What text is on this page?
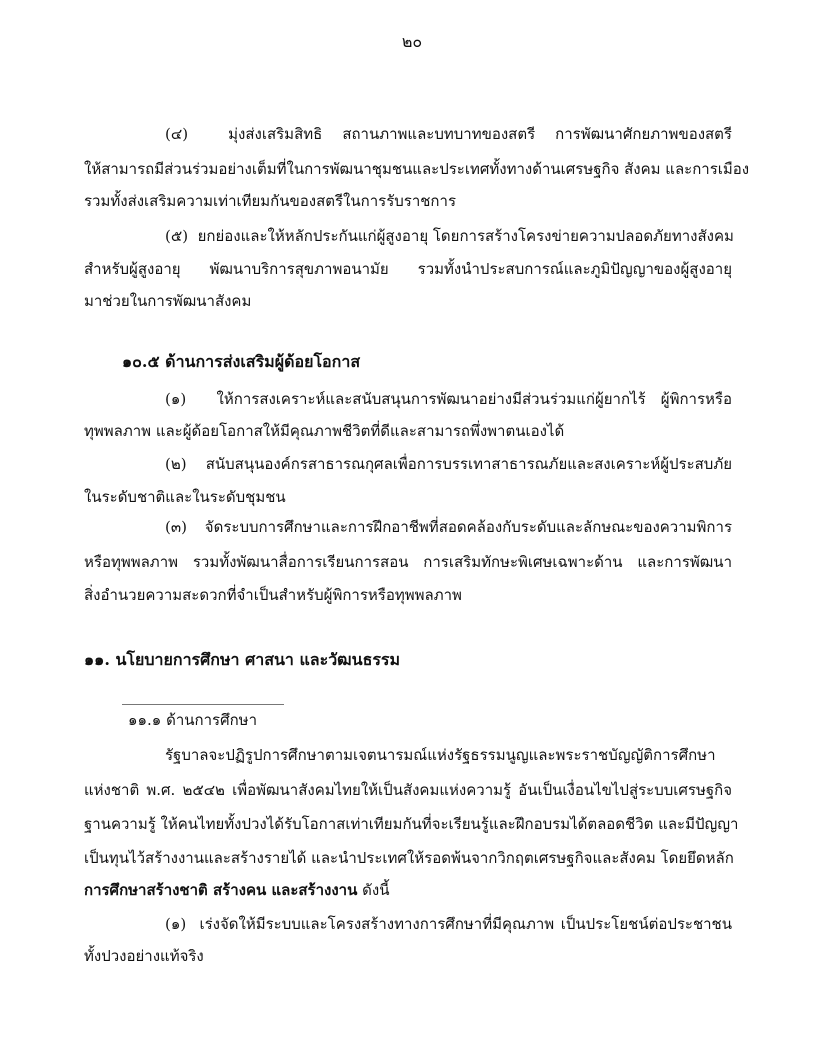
๒๐
(๔)	มุ่งส่งเสริมสิทธิ สถานภาพและบทบาทของสตรี การพัฒนาศักยภาพของสตรี
ให้สามารถมีส่วนร่วมอย่างเต็มที่ในการพัฒนาชุมชนและประเทศทั้งทางด้านเศรษฐกิจ สังคม และการเมือง
รวมทั้งส่งเสริมความเท่าเทียมกันของสตรีในการรับราชการ
(๕) ยกย่องและให้หลักประกันแก่ผู้สูงอายุ โดยการสร้างโครงข่ายความปลอดภัยทางสังคม
สำหรับผู้สูงอายุ พัฒนาบริการสุขภาพอนามัย รวมทั้งนำประสบการณ์และภูมิปัญญาของผู้สูงอายุ
มาช่วยในการพัฒนาสังคม
๑๐.๕ ด้านการส่งเสริมผู้ด้อยโอกาส
(๑) ให้การสงเคราะห์และสนับสนุนการพัฒนาอย่างมีส่วนร่วมแก่ผู้ยากไร้ ผู้พิการหรือ
ทุพพลภาพ และผู้ด้อยโอกาสให้มีคุณภาพชีวิตที่ดีและสามารถพึ่งพาตนเองได้
(๒) สนับสนุนองค์กรสาธารณกุศลเพื่อการบรรเทาสาธารณภัยและสงเคราะห์ผู้ประสบภัย
ในระดับชาติและในระดับชุมชน
(๓) จัดระบบการศึกษาและการฝึกอาชีพที่สอดคล้องกับระดับและลักษณะของความพิการ
หรือทุพพลภาพ รวมทั้งพัฒนาสื่อการเรียนการสอน การเสริมทักษะพิเศษเฉพาะด้าน และการพัฒนา
สิ่งอำนวยความสะดวกที่จำเป็นสำหรับผู้พิการหรือทุพพลภาพ
๑๑. นโยบายการศึกษา ศาสนา และวัฒนธรรม
๑๑.๑ ด้านการศึกษา
รัฐบาลจะปฏิรูปการศึกษาตามเจตนารมณ์แห่งรัฐธรรมนูญและพระราชบัญญัติการศึกษา
แห่งชาติ พ.ศ. ๒๕๔๒ เพื่อพัฒนาสังคมไทยให้เป็นสังคมแห่งความรู้ อันเป็นเงื่อนไขไปสู่ระบบเศรษฐกิจ
ฐานความรู้ ให้คนไทยทั้งปวงได้รับโอกาสเท่าเทียมกันที่จะเรียนรู้และฝึกอบรมได้ตลอดชีวิต และมีปัญญา
เป็นทุนไว้สร้างงานและสร้างรายได้ และนำประเทศให้รอดพ้นจากวิกฤตเศรษฐกิจและสังคม โดยยึดหลัก
การศึกษาสร้างชาติ สร้างคน และสร้างงาน ดังนี้
(๑) เร่งจัดให้มีระบบและโครงสร้างทางการศึกษาที่มีคุณภาพ เป็นประโยชน์ต่อประชาชน
ทั้งปวงอย่างแท้จริง
